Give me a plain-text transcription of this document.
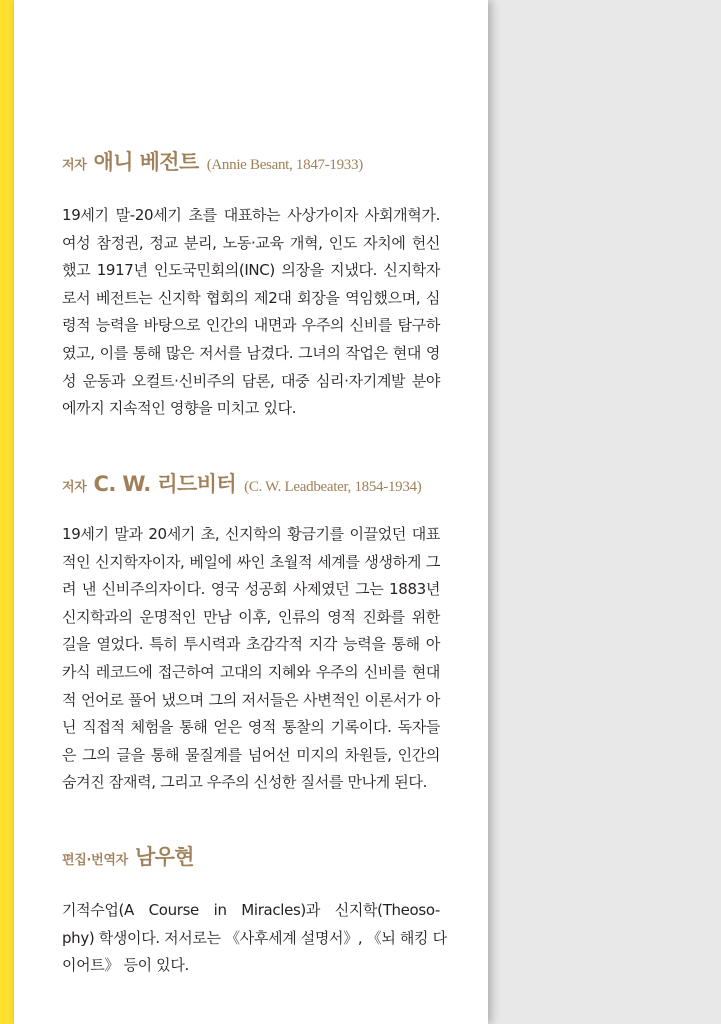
저자 애니 베전트 (Annie Besant, 1847-1933)
19세기 말-20세기 초를 대표하는 사상가이자 사회개혁가.
여성 참정권, 정교 분리, 노동·교육 개혁, 인도 자치에 헌신
했고 1917년 인도국민회의(INC) 의장을 지냈다. 신지학자
로서 베전트는 신지학 협회의 제2대 회장을 역임했으며, 심
령적 능력을 바탕으로 인간의 내면과 우주의 신비를 탐구하
였고, 이를 통해 많은 저서를 남겼다. 그녀의 작업은 현대 영
성 운동과 오컬트·신비주의 담론, 대중 심리·자기계발 분야
에까지 지속적인 영향을 미치고 있다.
저자 C. W. 리드비터 (C. W. Leadbeater, 1854-1934)
19세기 말과 20세기 초, 신지학의 황금기를 이끌었던 대표
적인 신지학자이자, 베일에 싸인 초월적 세계를 생생하게 그
려 낸 신비주의자이다. 영국 성공회 사제였던 그는 1883년
신지학과의 운명적인 만남 이후, 인류의 영적 진화를 위한
길을 열었다. 특히 투시력과 초감각적 지각 능력을 통해 아
카식 레코드에 접근하여 고대의 지혜와 우주의 신비를 현대
적 언어로 풀어 냈으며 그의 저서들은 사변적인 이론서가 아
닌 직접적 체험을 통해 얻은 영적 통찰의 기록이다. 독자들
은 그의 글을 통해 물질계를 넘어선 미지의 차원들, 인간의
숨겨진 잠재력, 그리고 우주의 신성한 질서를 만나게 된다.
편집·번역자 남우현
기적수업(A Course in Miracles)과 신지학(Theoso-
phy) 학생이다. 저서로는 《사후세계 설명서》, 《뇌 해킹 다
이어트》 등이 있다.
